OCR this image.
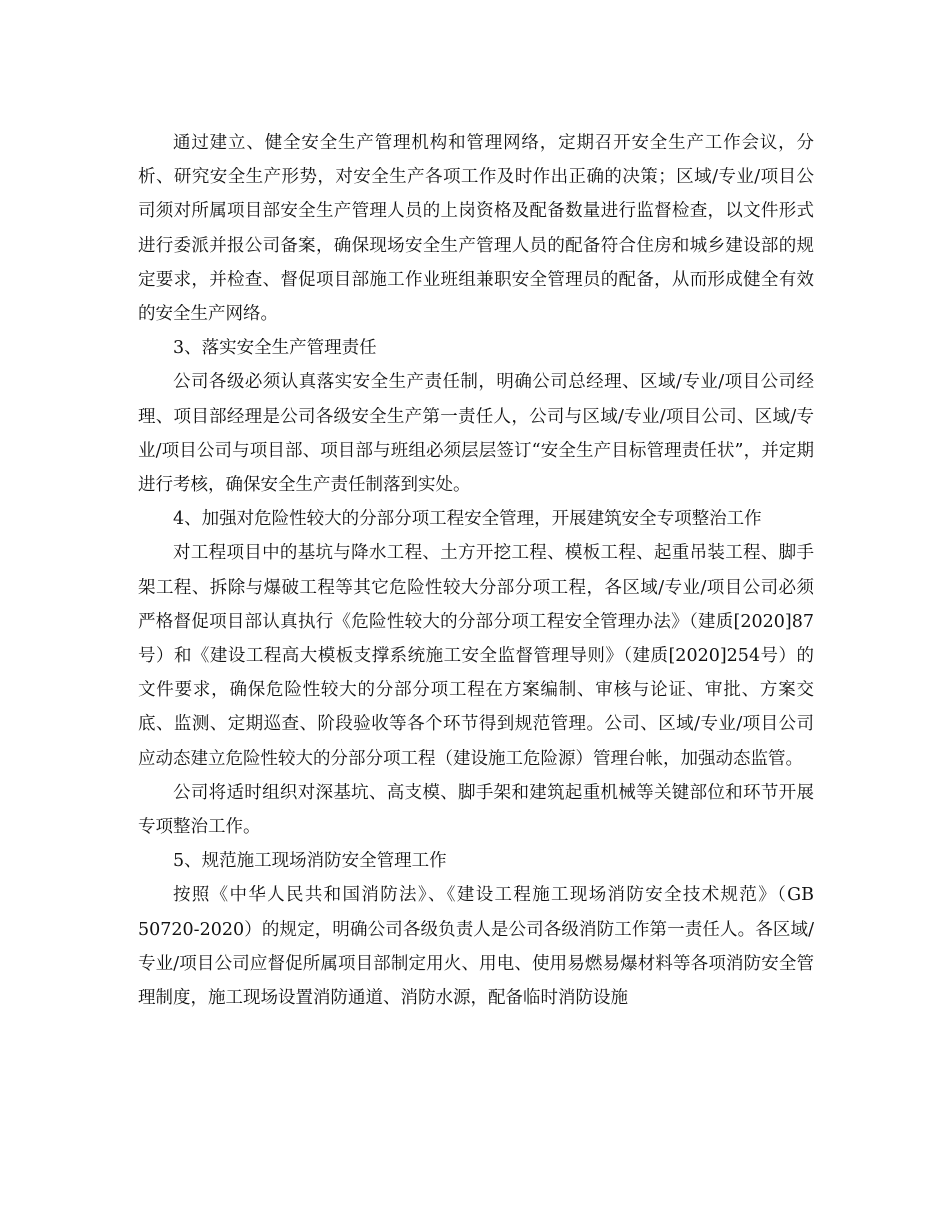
通过建立、健全安全生产管理机构和管理网络，定期召开安全生产工作会议，分析、研究安全生产形势，对安全生产各项工作及时作出正确的决策；区域/专业/项目公司须对所属项目部安全生产管理人员的上岗资格及配备数量进行监督检查，以文件形式进行委派并报公司备案，确保现场安全生产管理人员的配备符合住房和城乡建设部的规定要求，并检查、督促项目部施工作业班组兼职安全管理员的配备，从而形成健全有效的安全生产网络。

3、落实安全生产管理责任

公司各级必须认真落实安全生产责任制，明确公司总经理、区域/专业/项目公司经理、项目部经理是公司各级安全生产第一责任人，公司与区域/专业/项目公司、区域/专业/项目公司与项目部、项目部与班组必须层层签订“安全生产目标管理责任状”，并定期进行考核，确保安全生产责任制落到实处。

4、加强对危险性较大的分部分项工程安全管理，开展建筑安全专项整治工作

对工程项目中的基坑与降水工程、土方开挖工程、模板工程、起重吊装工程、脚手架工程、拆除与爆破工程等其它危险性较大分部分项工程，各区域/专业/项目公司必须严格督促项目部认真执行《危险性较大的分部分项工程安全管理办法》（建质[2020]87号）和《建设工程高大模板支撑系统施工安全监督管理导则》（建质[2020]254号）的文件要求，确保危险性较大的分部分项工程在方案编制、审核与论证、审批、方案交底、监测、定期巡查、阶段验收等各个环节得到规范管理。公司、区域/专业/项目公司应动态建立危险性较大的分部分项工程（建设施工危险源）管理台帐，加强动态监管。

公司将适时组织对深基坑、高支模、脚手架和建筑起重机械等关键部位和环节开展专项整治工作。

5、规范施工现场消防安全管理工作

按照《中华人民共和国消防法》、《建设工程施工现场消防安全技术规范》（GB 50720-2020）的规定，明确公司各级负责人是公司各级消防工作第一责任人。各区域/专业/项目公司应督促所属项目部制定用火、用电、使用易燃易爆材料等各项消防安全管理制度，施工现场设置消防通道、消防水源，配备临时消防设施
